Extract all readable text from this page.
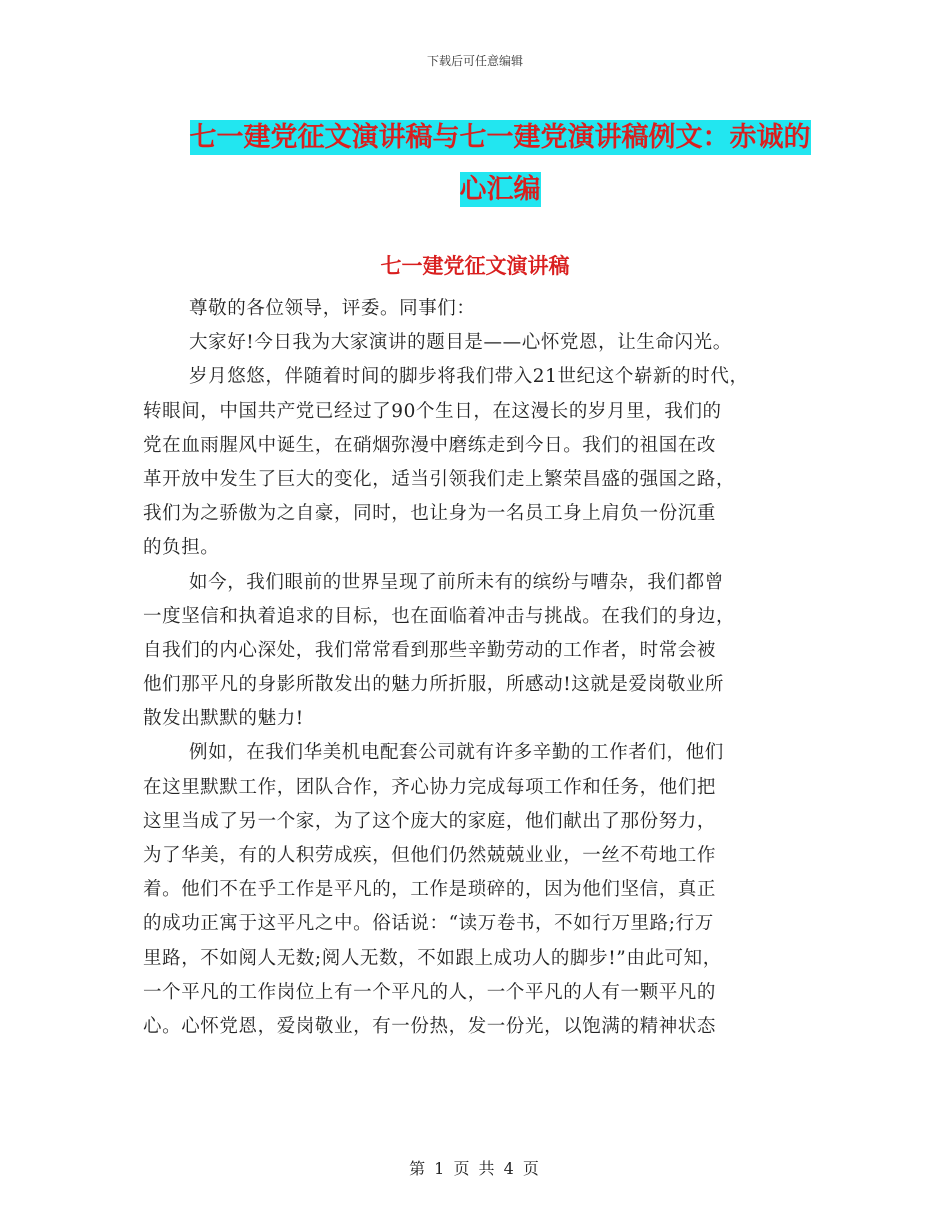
下载后可任意编辑
七一建党征文演讲稿与七一建党演讲稿例文：赤诚的
心汇编
七一建党征文演讲稿
尊敬的各位领导，评委。同事们：
大家好!今日我为大家演讲的题目是——心怀党恩，让生命闪光。
岁月悠悠，伴随着时间的脚步将我们带入21世纪这个崭新的时代，
转眼间，中国共产党已经过了90个生日，在这漫长的岁月里，我们的
党在血雨腥风中诞生，在硝烟弥漫中磨练走到今日。我们的祖国在改
革开放中发生了巨大的变化，适当引领我们走上繁荣昌盛的强国之路，
我们为之骄傲为之自豪，同时，也让身为一名员工身上肩负一份沉重
的负担。
如今，我们眼前的世界呈现了前所未有的缤纷与嘈杂，我们都曾
一度坚信和执着追求的目标，也在面临着冲击与挑战。在我们的身边，
自我们的内心深处，我们常常看到那些辛勤劳动的工作者，时常会被
他们那平凡的身影所散发出的魅力所折服，所感动!这就是爱岗敬业所
散发出默默的魅力!
例如，在我们华美机电配套公司就有许多辛勤的工作者们，他们
在这里默默工作，团队合作，齐心协力完成每项工作和任务，他们把
这里当成了另一个家，为了这个庞大的家庭，他们献出了那份努力，
为了华美，有的人积劳成疾，但他们仍然兢兢业业，一丝不苟地工作
着。他们不在乎工作是平凡的，工作是琐碎的，因为他们坚信，真正
的成功正寓于这平凡之中。俗话说：“读万卷书，不如行万里路;行万
里路，不如阅人无数;阅人无数，不如跟上成功人的脚步!”由此可知，
一个平凡的工作岗位上有一个平凡的人，一个平凡的人有一颗平凡的
心。心怀党恩，爱岗敬业，有一份热，发一份光，以饱满的精神状态
第 1 页 共 4 页
